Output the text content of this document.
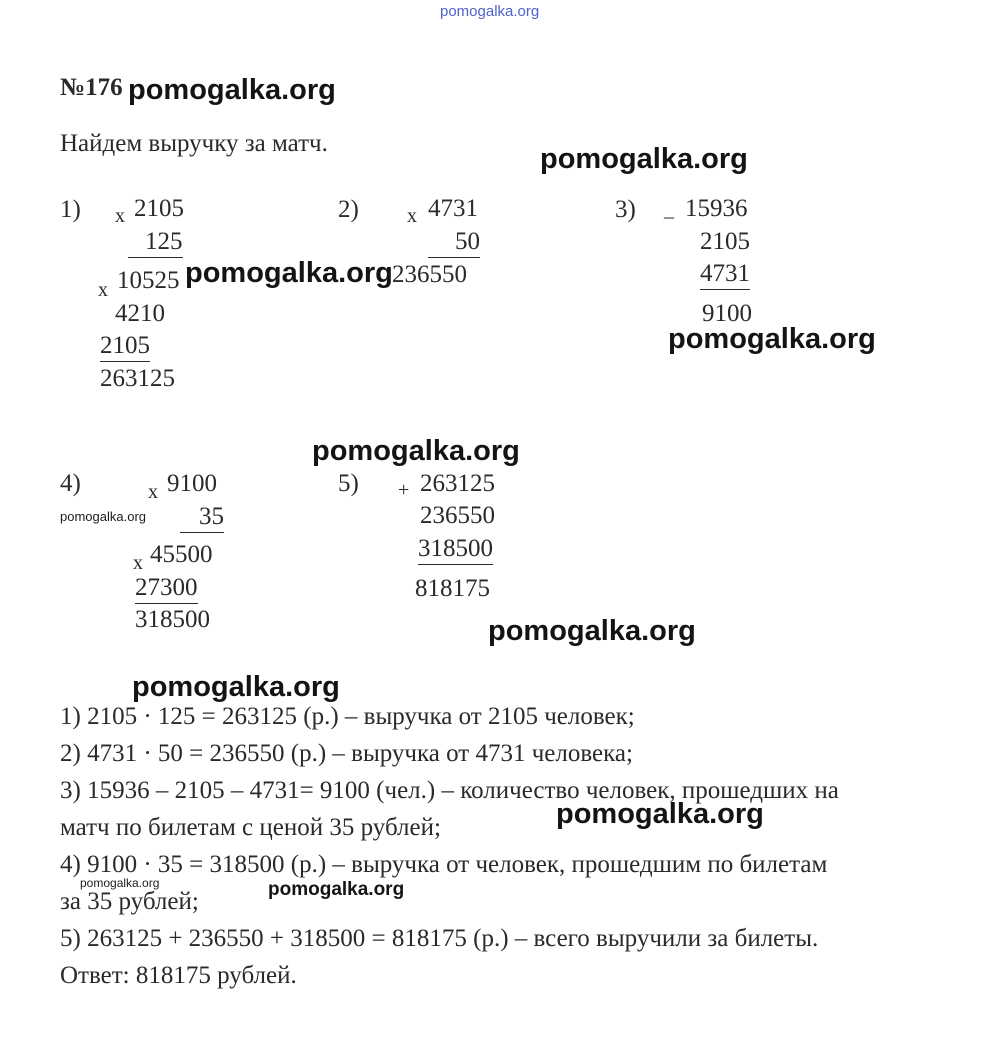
pomogalka.org
№176
Найдем выручку за матч.
1) x 2105
125
x 10525
4210
2105
263125
2) x 4731
50
236550
3) _ 15936
2105
4731
9100
4)	x 9100
35
x 45500
27300
318500
5) + 263125
236550
318500
818175
1) 2105 · 125 = 263125 (р.) – выручка от 2105 человек;
2) 4731 · 50 = 236550 (р.) – выручка от 4731 человека;
3) 15936 – 2105 – 4731= 9100 (чел.) – количество человек, прошедших на
матч по билетам с ценой 35 рублей;
4) 9100 · 35 = 318500 (р.) – выручка от человек, прошедшим по билетам
за 35 рублей;
5) 263125 + 236550 + 318500 = 818175 (р.) – всего выручили за билеты.
Ответ: 818175 рублей.
pomogalka.org
pomogalka.org
pomogalka.org
pomogalka.org
pomogalka.org
pomogalka.org
pomogalka.org
pomogalka.org
pomogalka.org
pomogalka.org	pomogalka.org
